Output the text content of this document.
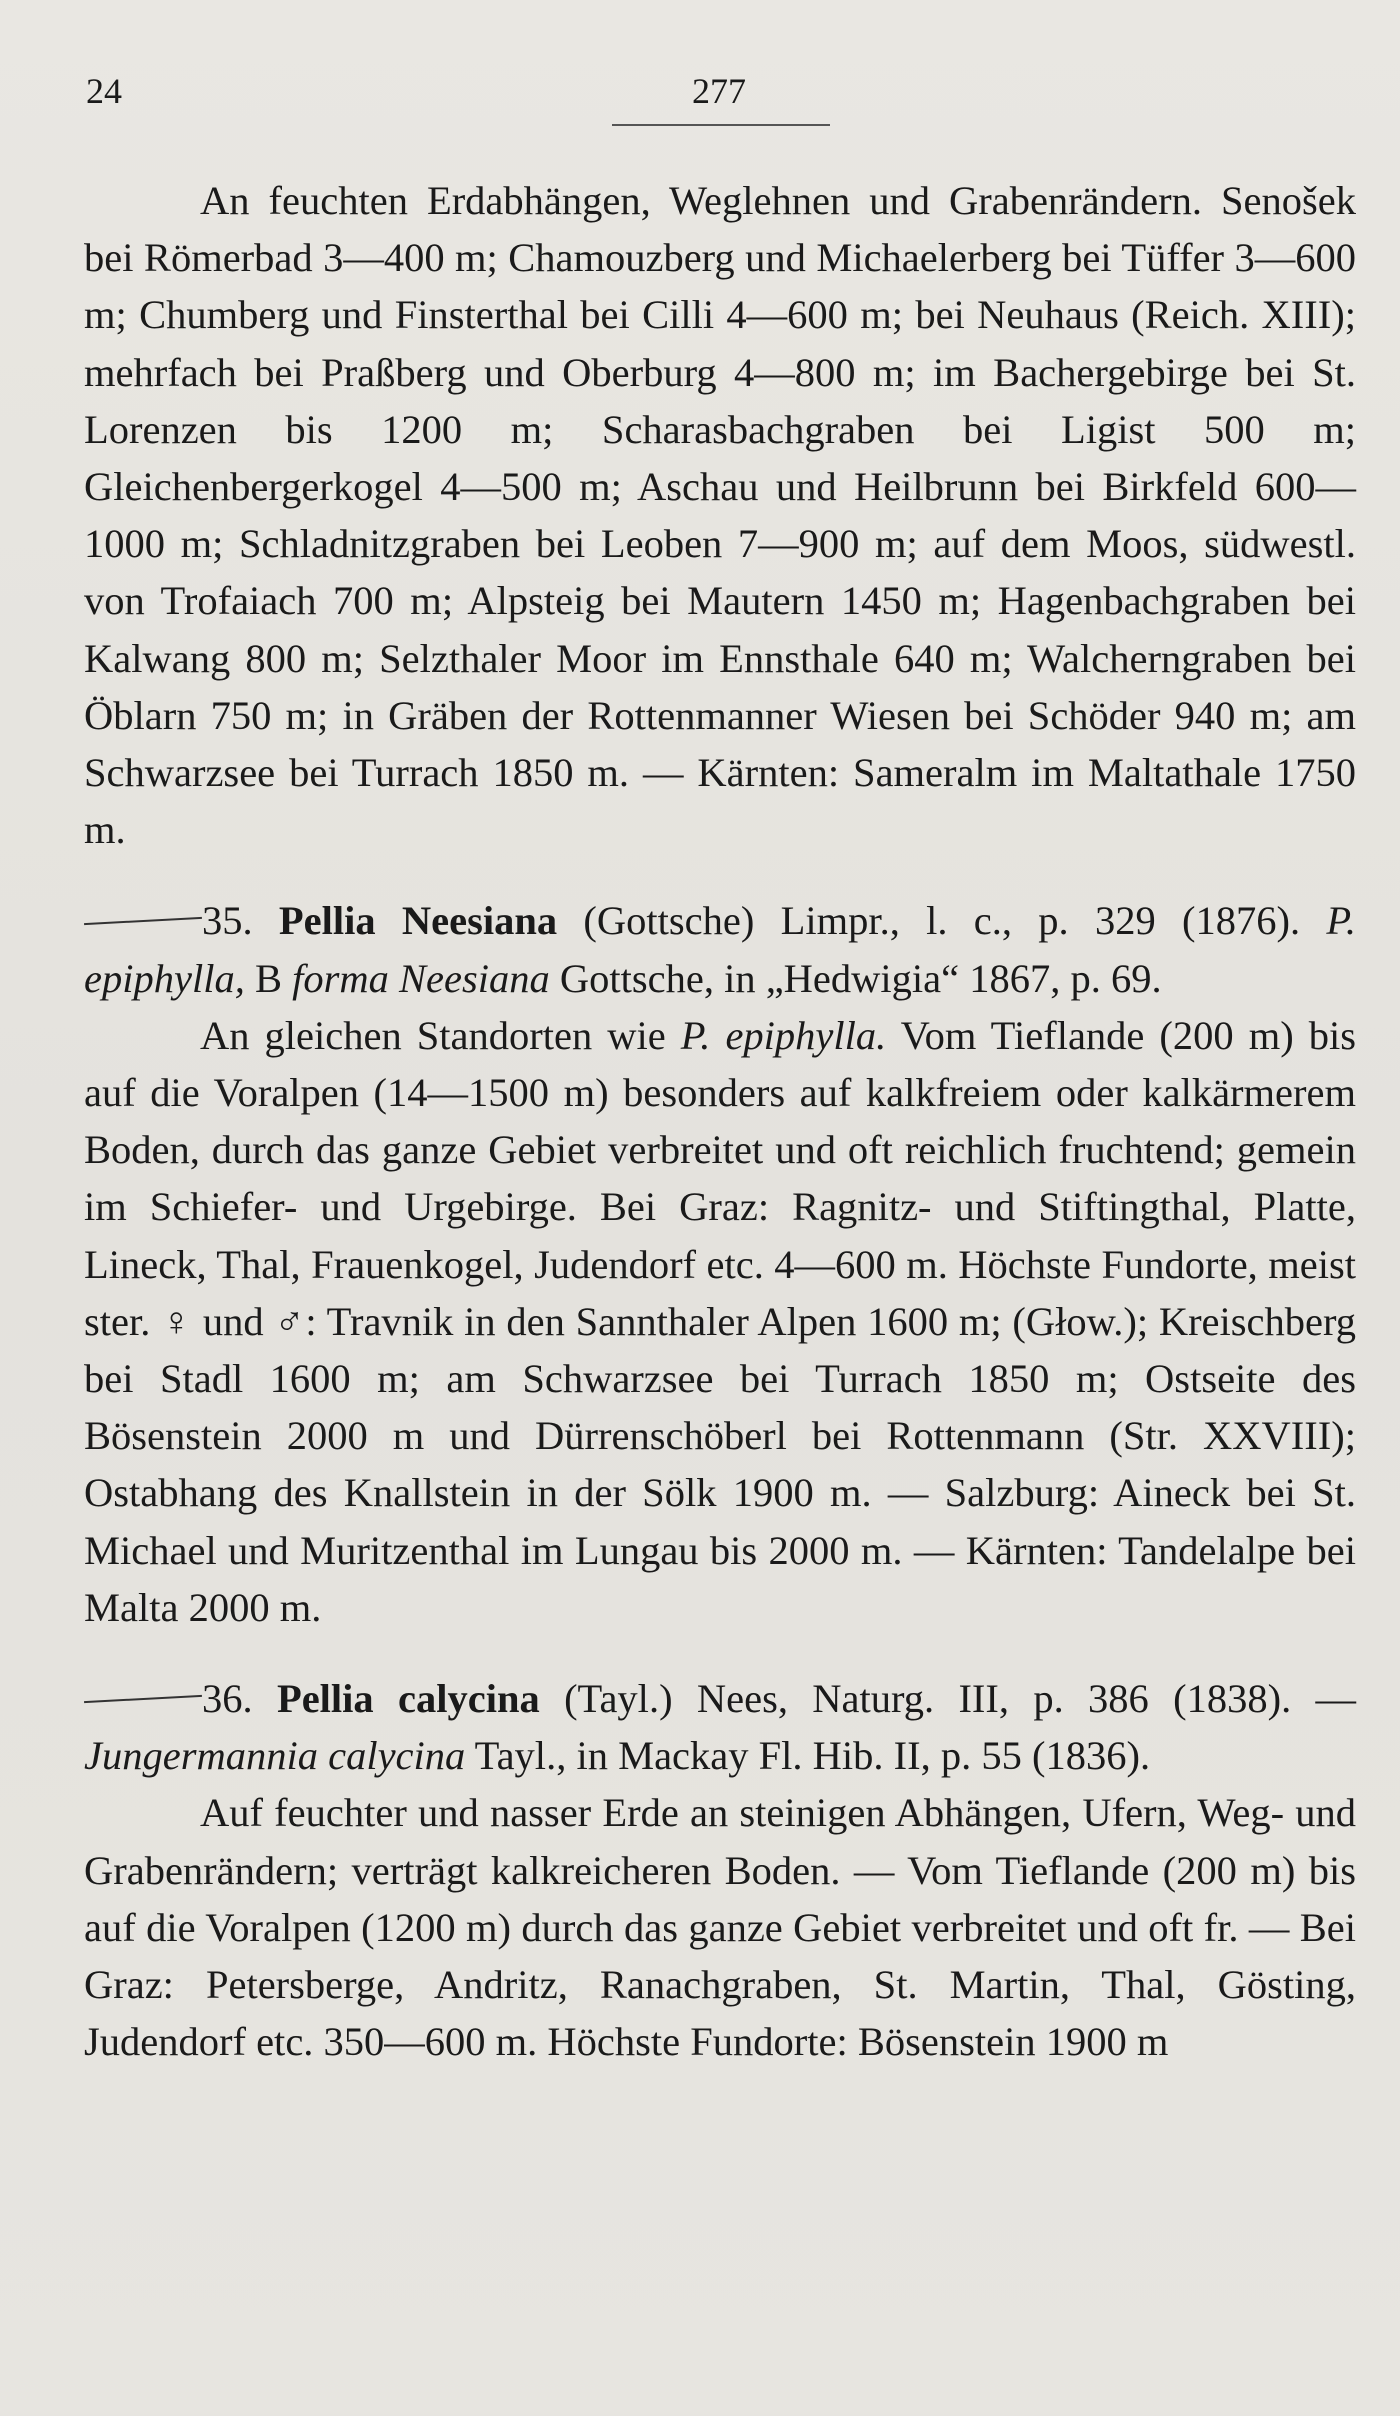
24	277

An feuchten Erdabhängen, Weglehnen und Grabenrändern. Senošek bei Römerbad 3—400 m; Chamouzberg und Michaelerberg bei Tüffer 3—600 m; Chumberg und Finsterthal bei Cilli 4—600 m; bei Neuhaus (Reich. XIII); mehrfach bei Praßberg und Oberburg 4—800 m; im Bachergebirge bei St. Lorenzen bis 1200 m; Scharasbachgraben bei Ligist 500 m; Gleichenbergerkogel 4—500 m; Aschau und Heilbrunn bei Birkfeld 600—1000 m; Schladnitzgraben bei Leoben 7—900 m; auf dem Moos, südwestl. von Trofaiach 700 m; Alpsteig bei Mautern 1450 m; Hagenbachgraben bei Kalwang 800 m; Selzthaler Moor im Ennsthale 640 m; Walcherngraben bei Öblarn 750 m; in Gräben der Rottenmanner Wiesen bei Schöder 940 m; am Schwarzsee bei Turrach 1850 m. — Kärnten: Sameralm im Maltathale 1750 m.

35. Pellia Neesiana (Gottsche) Limpr., l. c., p. 329 (1876). P. epiphylla, B forma Neesiana Gottsche, in „Hedwigia“ 1867, p. 69.

An gleichen Standorten wie P. epiphylla. Vom Tieflande (200 m) bis auf die Voralpen (14—1500 m) besonders auf kalkfreiem oder kalkärmerem Boden, durch das ganze Gebiet verbreitet und oft reichlich fruchtend; gemein im Schiefer- und Urgebirge. Bei Graz: Ragnitz- und Stiftingthal, Platte, Lineck, Thal, Frauenkogel, Judendorf etc. 4—600 m. Höchste Fundorte, meist ster. ♀ und ♂: Travnik in den Sannthaler Alpen 1600 m; (Głow.); Kreischberg bei Stadl 1600 m; am Schwarzsee bei Turrach 1850 m; Ostseite des Bösenstein 2000 m und Dürrenschöberl bei Rottenmann (Str. XXVIII); Ostabhang des Knallstein in der Sölk 1900 m. — Salzburg: Aineck bei St. Michael und Muritzenthal im Lungau bis 2000 m. — Kärnten: Tandelalpe bei Malta 2000 m.

36. Pellia calycina (Tayl.) Nees, Naturg. III, p. 386 (1838). — Jungermannia calycina Tayl., in Mackay Fl. Hib. II, p. 55 (1836).

Auf feuchter und nasser Erde an steinigen Abhängen, Ufern, Weg- und Grabenrändern; verträgt kalkreicheren Boden. — Vom Tieflande (200 m) bis auf die Voralpen (1200 m) durch das ganze Gebiet verbreitet und oft fr. — Bei Graz: Petersberge, Andritz, Ranachgraben, St. Martin, Thal, Gösting, Judendorf etc. 350—600 m. Höchste Fundorte: Bösenstein 1900 m
